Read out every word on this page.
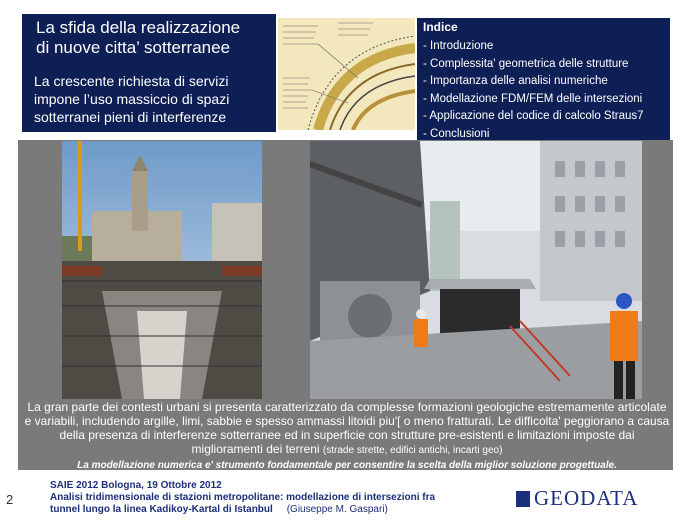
La sfida della realizzazione
di nuove citta’ sotterranee
La crescente richiesta di servizi
impone l’uso massiccio di spazi
sotterranei pieni di interferenze
Indice
- Introduzione
- Complessita' geometrica delle strutture
- Importanza delle analisi numeriche
- Modellazione FDM/FEM delle intersezioni
- Applicazione del codice di calcolo Straus7
- Conclusioni
La gran parte dei contesti urbani si presenta caratterizzato da complesse formazioni geologiche estremamente articolate e variabili, includendo argille, limi, sabbie e spesso ammassi litoidi piu'[ o meno fratturati. Le difficolta' peggiorano a causa della presenza di interferenze sotterranee ed in superficie con strutture pre-esistenti e limitazioni imposte dai miglioramenti dei terreni (strade strette, edifici antichi, incarti geo)
La modellazione numerica e' strumento fondamentale per consentire la scelta della miglior soluzione progettuale.
2
SAIE 2012 Bologna, 19 Ottobre 2012
Analisi tridimensionale di stazioni metropolitane: modellazione di intersezioni fra
tunnel lungo la linea Kadikoy-Kartal di Istanbul (Giuseppe M. Gaspari)	GEODATA
